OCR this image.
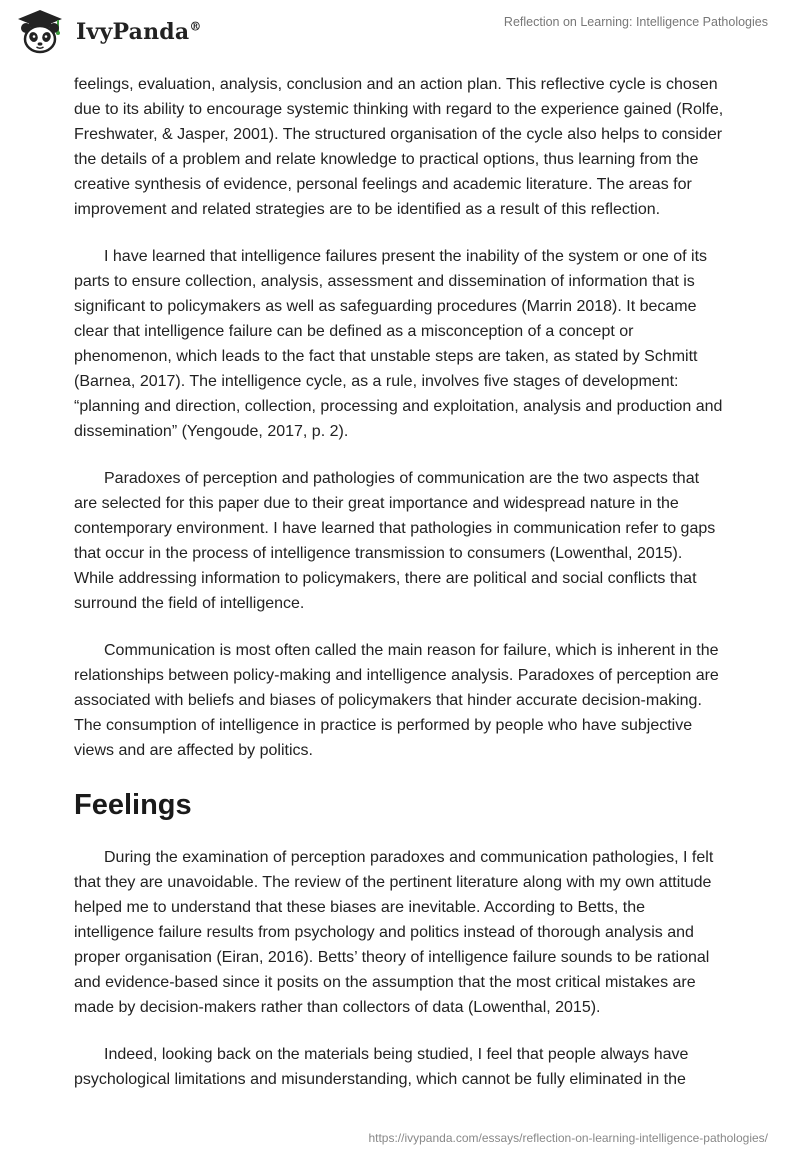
IvyPanda®	Reflection on Learning: Intelligence Pathologies

feelings, evaluation, analysis, conclusion and an action plan. This reflective cycle is chosen due to its ability to encourage systemic thinking with regard to the experience gained (Rolfe, Freshwater, & Jasper, 2001). The structured organisation of the cycle also helps to consider the details of a problem and relate knowledge to practical options, thus learning from the creative synthesis of evidence, personal feelings and academic literature. The areas for improvement and related strategies are to be identified as a result of this reflection.

I have learned that intelligence failures present the inability of the system or one of its parts to ensure collection, analysis, assessment and dissemination of information that is significant to policymakers as well as safeguarding procedures (Marrin 2018). It became clear that intelligence failure can be defined as a misconception of a concept or phenomenon, which leads to the fact that unstable steps are taken, as stated by Schmitt (Barnea, 2017). The intelligence cycle, as a rule, involves five stages of development: “planning and direction, collection, processing and exploitation, analysis and production and dissemination” (Yengoude, 2017, p. 2).

Paradoxes of perception and pathologies of communication are the two aspects that are selected for this paper due to their great importance and widespread nature in the contemporary environment. I have learned that pathologies in communication refer to gaps that occur in the process of intelligence transmission to consumers (Lowenthal, 2015). While addressing information to policymakers, there are political and social conflicts that surround the field of intelligence.

Communication is most often called the main reason for failure, which is inherent in the relationships between policy-making and intelligence analysis. Paradoxes of perception are associated with beliefs and biases of policymakers that hinder accurate decision-making. The consumption of intelligence in practice is performed by people who have subjective views and are affected by politics.

Feelings

During the examination of perception paradoxes and communication pathologies, I felt that they are unavoidable. The review of the pertinent literature along with my own attitude helped me to understand that these biases are inevitable. According to Betts, the intelligence failure results from psychology and politics instead of thorough analysis and proper organisation (Eiran, 2016). Betts’ theory of intelligence failure sounds to be rational and evidence-based since it posits on the assumption that the most critical mistakes are made by decision-makers rather than collectors of data (Lowenthal, 2015).

Indeed, looking back on the materials being studied, I feel that people always have psychological limitations and misunderstanding, which cannot be fully eliminated in the

https://ivypanda.com/essays/reflection-on-learning-intelligence-pathologies/
